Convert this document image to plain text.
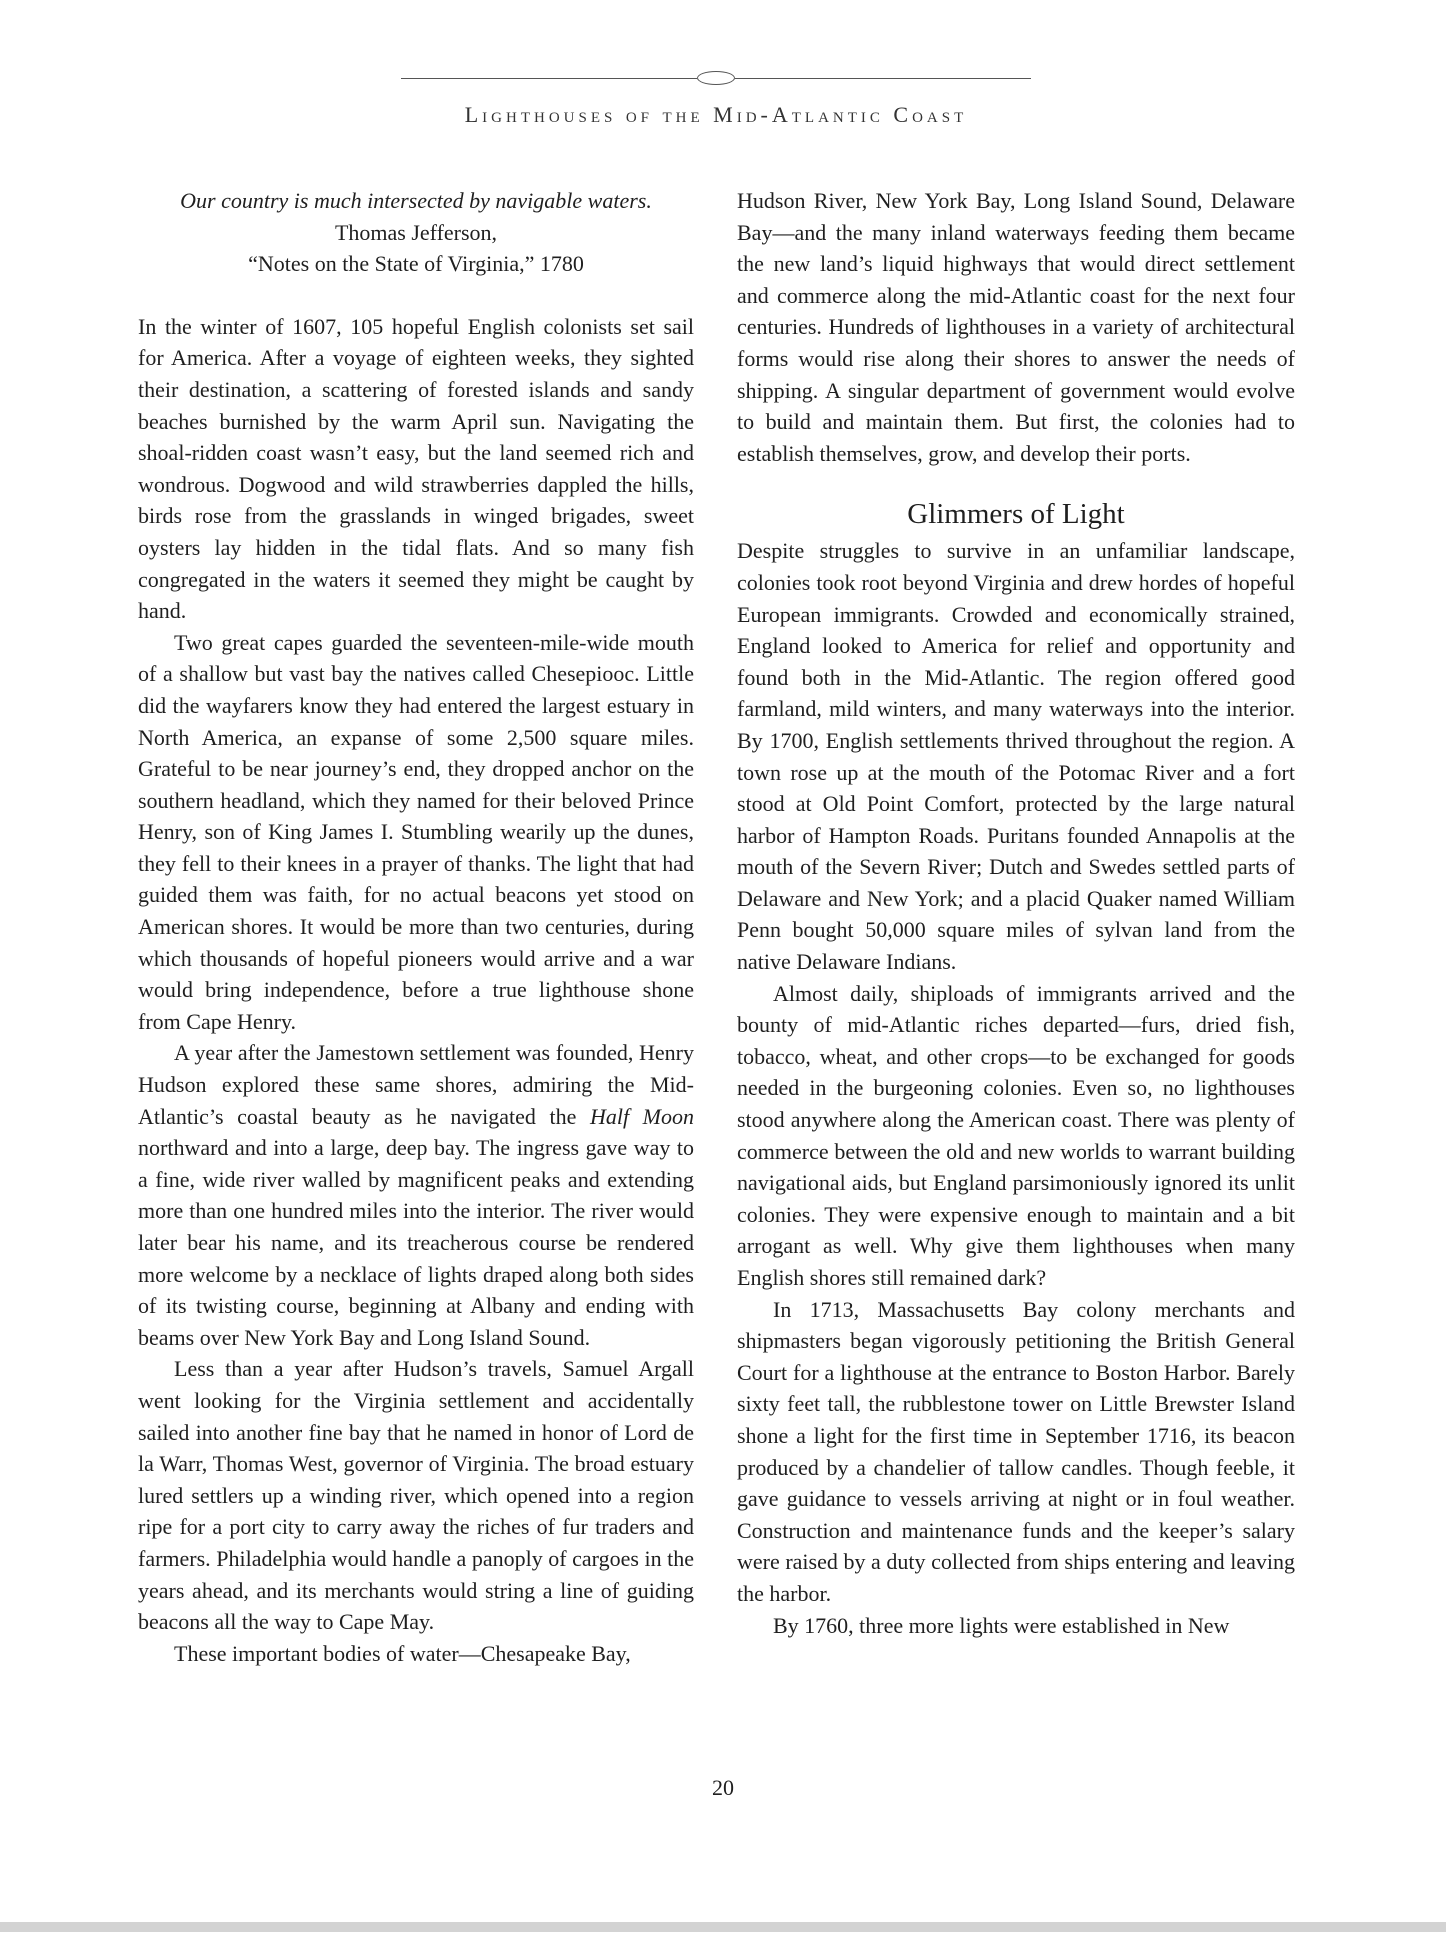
Lighthouses of the Mid-Atlantic Coast
Our country is much intersected by navigable waters.
Thomas Jefferson,
“Notes on the State of Virginia,” 1780

In the winter of 1607, 105 hopeful English colonists set sail for America. After a voyage of eighteen weeks, they sighted their destination, a scattering of forested islands and sandy beaches burnished by the warm April sun. Navigating the shoal-ridden coast wasn’t easy, but the land seemed rich and wondrous. Dogwood and wild strawberries dappled the hills, birds rose from the grasslands in winged brigades, sweet oysters lay hidden in the tidal flats. And so many fish congregated in the waters it seemed they might be caught by hand.

Two great capes guarded the seventeen-mile-wide mouth of a shallow but vast bay the natives called Chesepiooc. Little did the wayfarers know they had entered the largest estuary in North America, an expanse of some 2,500 square miles. Grateful to be near journey’s end, they dropped anchor on the southern headland, which they named for their beloved Prince Henry, son of King James I. Stumbling wearily up the dunes, they fell to their knees in a prayer of thanks. The light that had guided them was faith, for no actual beacons yet stood on American shores. It would be more than two centuries, during which thousands of hopeful pioneers would arrive and a war would bring independence, before a true lighthouse shone from Cape Henry.

A year after the Jamestown settlement was founded, Henry Hudson explored these same shores, admiring the Mid-Atlantic’s coastal beauty as he navigated the Half Moon northward and into a large, deep bay. The ingress gave way to a fine, wide river walled by magnificent peaks and extending more than one hundred miles into the interior. The river would later bear his name, and its treacherous course be rendered more welcome by a necklace of lights draped along both sides of its twisting course, beginning at Albany and ending with beams over New York Bay and Long Island Sound.

Less than a year after Hudson’s travels, Samuel Argall went looking for the Virginia settlement and accidentally sailed into another fine bay that he named in honor of Lord de la Warr, Thomas West, governor of Virginia. The broad estuary lured settlers up a winding river, which opened into a region ripe for a port city to carry away the riches of fur traders and farmers. Philadelphia would handle a panoply of cargoes in the years ahead, and its merchants would string a line of guiding beacons all the way to Cape May.

These important bodies of water—Chesapeake Bay,

Hudson River, New York Bay, Long Island Sound, Delaware Bay—and the many inland waterways feeding them became the new land’s liquid highways that would direct settlement and commerce along the mid-Atlantic coast for the next four centuries. Hundreds of lighthouses in a variety of architectural forms would rise along their shores to answer the needs of shipping. A singular department of government would evolve to build and maintain them. But first, the colonies had to establish themselves, grow, and develop their ports.

Glimmers of Light

Despite struggles to survive in an unfamiliar landscape, colonies took root beyond Virginia and drew hordes of hopeful European immigrants. Crowded and economically strained, England looked to America for relief and opportunity and found both in the Mid-Atlantic. The region offered good farmland, mild winters, and many waterways into the interior. By 1700, English settlements thrived throughout the region. A town rose up at the mouth of the Potomac River and a fort stood at Old Point Comfort, protected by the large natural harbor of Hampton Roads. Puritans founded Annapolis at the mouth of the Severn River; Dutch and Swedes settled parts of Delaware and New York; and a placid Quaker named William Penn bought 50,000 square miles of sylvan land from the native Delaware Indians.

Almost daily, shiploads of immigrants arrived and the bounty of mid-Atlantic riches departed—furs, dried fish, tobacco, wheat, and other crops—to be exchanged for goods needed in the burgeoning colonies. Even so, no lighthouses stood anywhere along the American coast. There was plenty of commerce between the old and new worlds to warrant building navigational aids, but England parsimoniously ignored its unlit colonies. They were expensive enough to maintain and a bit arrogant as well. Why give them lighthouses when many English shores still remained dark?

In 1713, Massachusetts Bay colony merchants and shipmasters began vigorously petitioning the British General Court for a lighthouse at the entrance to Boston Harbor. Barely sixty feet tall, the rubblestone tower on Little Brewster Island shone a light for the first time in September 1716, its beacon produced by a chandelier of tallow candles. Though feeble, it gave guidance to vessels arriving at night or in foul weather. Construction and maintenance funds and the keeper’s salary were raised by a duty collected from ships entering and leaving the harbor.

By 1760, three more lights were established in New

20
